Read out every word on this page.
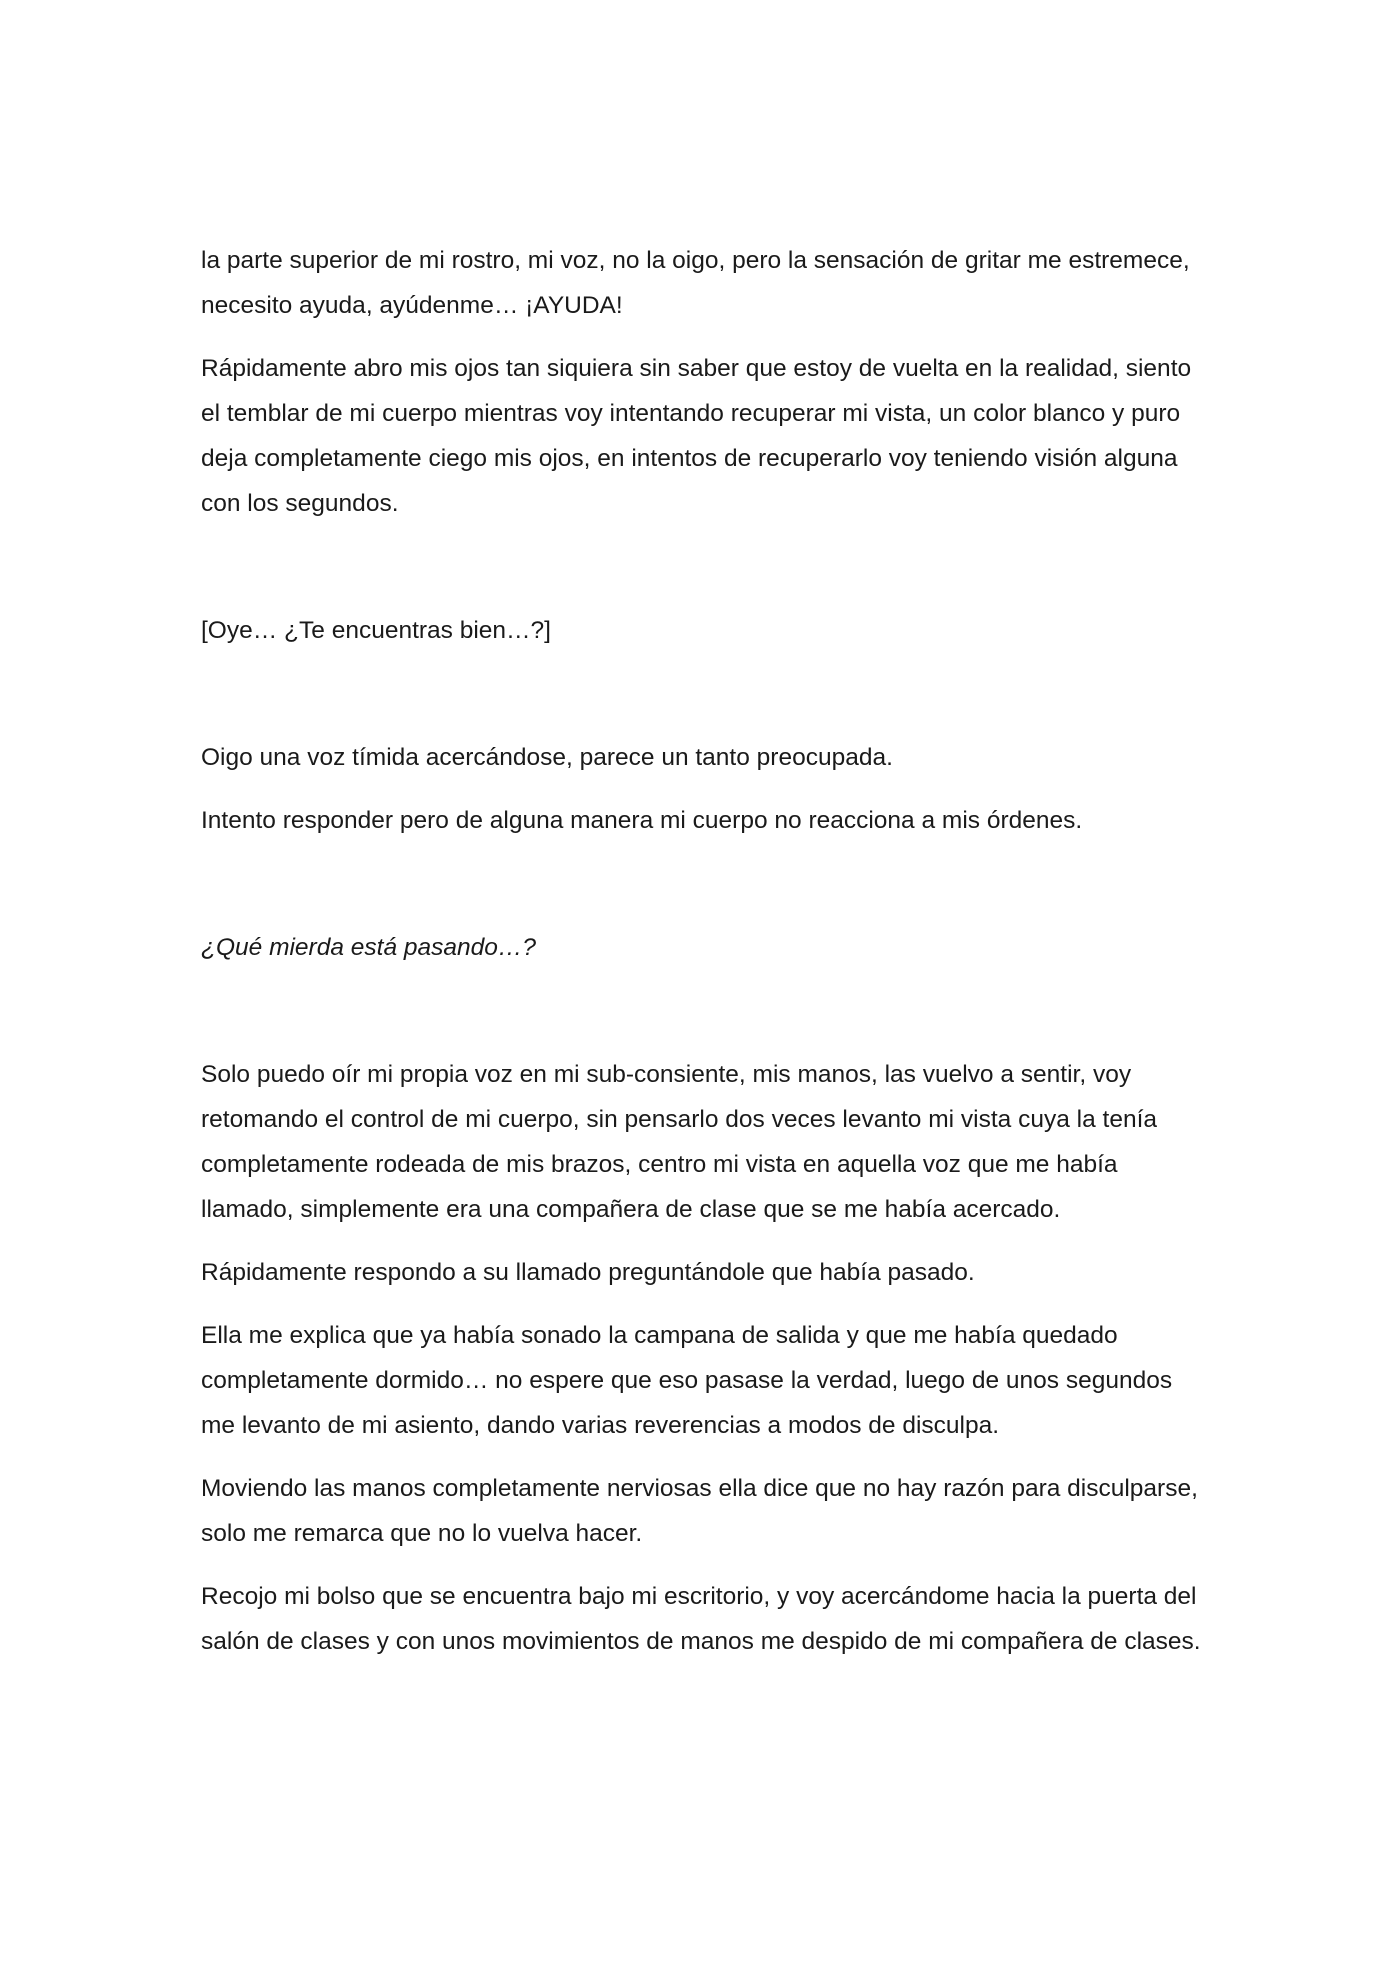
la parte superior de mi rostro, mi voz, no la oigo, pero la sensación de gritar me estremece, necesito ayuda, ayúdenme… ¡AYUDA!

Rápidamente abro mis ojos tan siquiera sin saber que estoy de vuelta en la realidad, siento el temblar de mi cuerpo mientras voy intentando recuperar mi vista, un color blanco y puro deja completamente ciego mis ojos, en intentos de recuperarlo voy teniendo visión alguna con los segundos.

[Oye… ¿Te encuentras bien…?]

Oigo una voz tímida acercándose, parece un tanto preocupada.

Intento responder pero de alguna manera mi cuerpo no reacciona a mis órdenes.

¿Qué mierda está pasando…?

Solo puedo oír mi propia voz en mi sub-consiente, mis manos, las vuelvo a sentir, voy retomando el control de mi cuerpo, sin pensarlo dos veces levanto mi vista cuya la tenía completamente rodeada de mis brazos, centro mi vista en aquella voz que me había llamado, simplemente era una compañera de clase que se me había acercado.

Rápidamente respondo a su llamado preguntándole que había pasado.

Ella me explica que ya había sonado la campana de salida y que me había quedado completamente dormido… no espere que eso pasase la verdad, luego de unos segundos me levanto de mi asiento, dando varias reverencias a modos de disculpa.

Moviendo las manos completamente nerviosas ella dice que no hay razón para disculparse, solo me remarca que no lo vuelva hacer.

Recojo mi bolso que se encuentra bajo mi escritorio, y voy acercándome hacia la puerta del salón de clases y con unos movimientos de manos me despido de mi compañera de clases.
